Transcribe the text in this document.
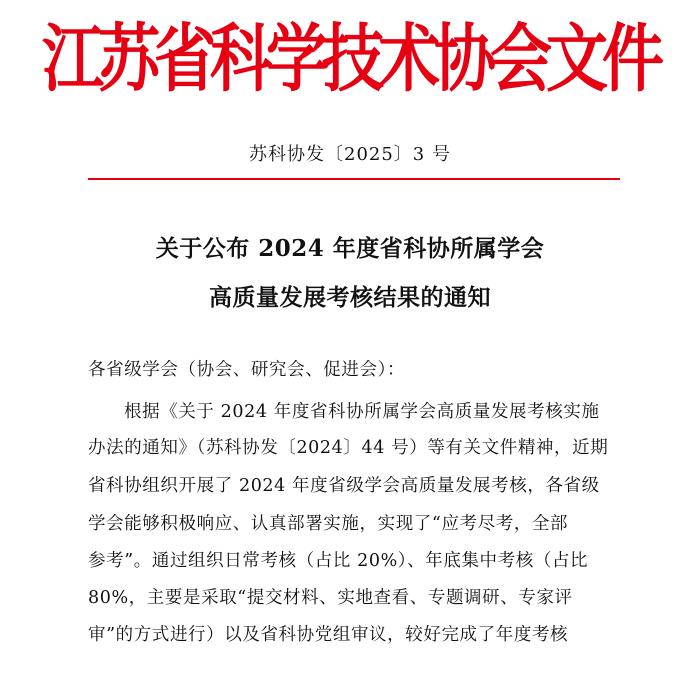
江苏省科学技术协会文件
苏科协发〔2025〕3 号
关于公布 2024 年度省科协所属学会
高质量发展考核结果的通知
各省级学会（协会、研究会、促进会）：
根据《关于 2024 年度省科协所属学会高质量发展考核实施
办法的通知》（苏科协发〔2024〕44 号）等有关文件精神，近期
省科协组织开展了 2024 年度省级学会高质量发展考核，各省级
学会能够积极响应、认真部署实施，实现了“应考尽考，全部
参考”。通过组织日常考核（占比 20%）、年底集中考核（占比
80%，主要是采取“提交材料、实地查看、专题调研、专家评
审”的方式进行）以及省科协党组审议，较好完成了年度考核
